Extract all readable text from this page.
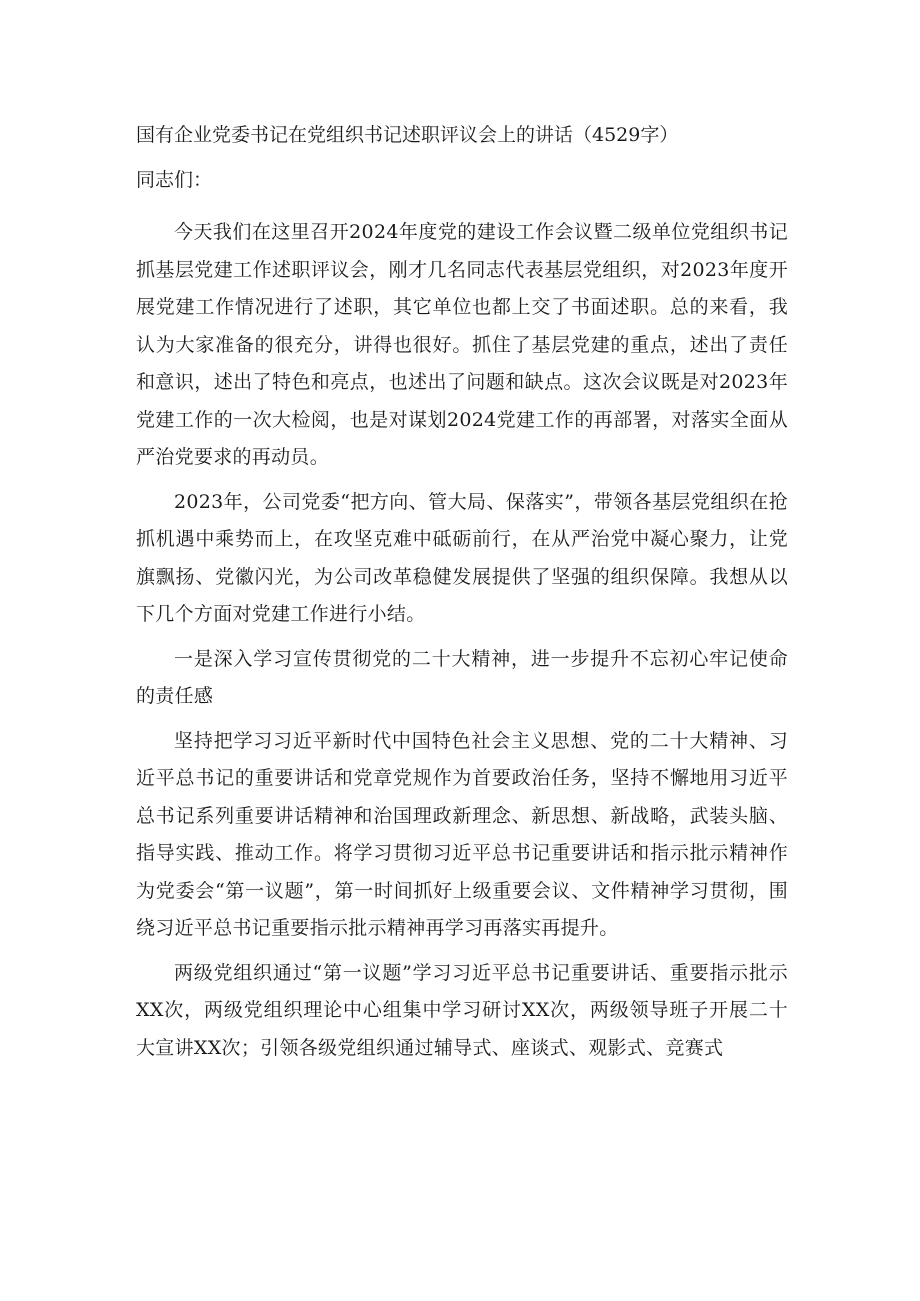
国有企业党委书记在党组织书记述职评议会上的讲话（4529字）
同志们：

今天我们在这里召开2024年度党的建设工作会议暨二级单位党组织书记抓基层党建工作述职评议会，刚才几名同志代表基层党组织，对2023年度开展党建工作情况进行了述职，其它单位也都上交了书面述职。总的来看，我认为大家准备的很充分，讲得也很好。抓住了基层党建的重点，述出了责任和意识，述出了特色和亮点，也述出了问题和缺点。这次会议既是对2023年党建工作的一次大检阅，也是对谋划2024党建工作的再部署，对落实全面从严治党要求的再动员。

2023年，公司党委“把方向、管大局、保落实”，带领各基层党组织在抢抓机遇中乘势而上，在攻坚克难中砥砺前行，在从严治党中凝心聚力，让党旗飘扬、党徽闪光，为公司改革稳健发展提供了坚强的组织保障。我想从以下几个方面对党建工作进行小结。

一是深入学习宣传贯彻党的二十大精神，进一步提升不忘初心牢记使命的责任感

坚持把学习习近平新时代中国特色社会主义思想、党的二十大精神、习近平总书记的重要讲话和党章党规作为首要政治任务，坚持不懈地用习近平总书记系列重要讲话精神和治国理政新理念、新思想、新战略，武装头脑、指导实践、推动工作。将学习贯彻习近平总书记重要讲话和指示批示精神作为党委会“第一议题”，第一时间抓好上级重要会议、文件精神学习贯彻，围绕习近平总书记重要指示批示精神再学习再落实再提升。

两级党组织通过“第一议题”学习习近平总书记重要讲话、重要指示批示XX次，两级党组织理论中心组集中学习研讨XX次，两级领导班子开展二十大宣讲XX次；引领各级党组织通过辅导式、座谈式、观影式、竞赛式
